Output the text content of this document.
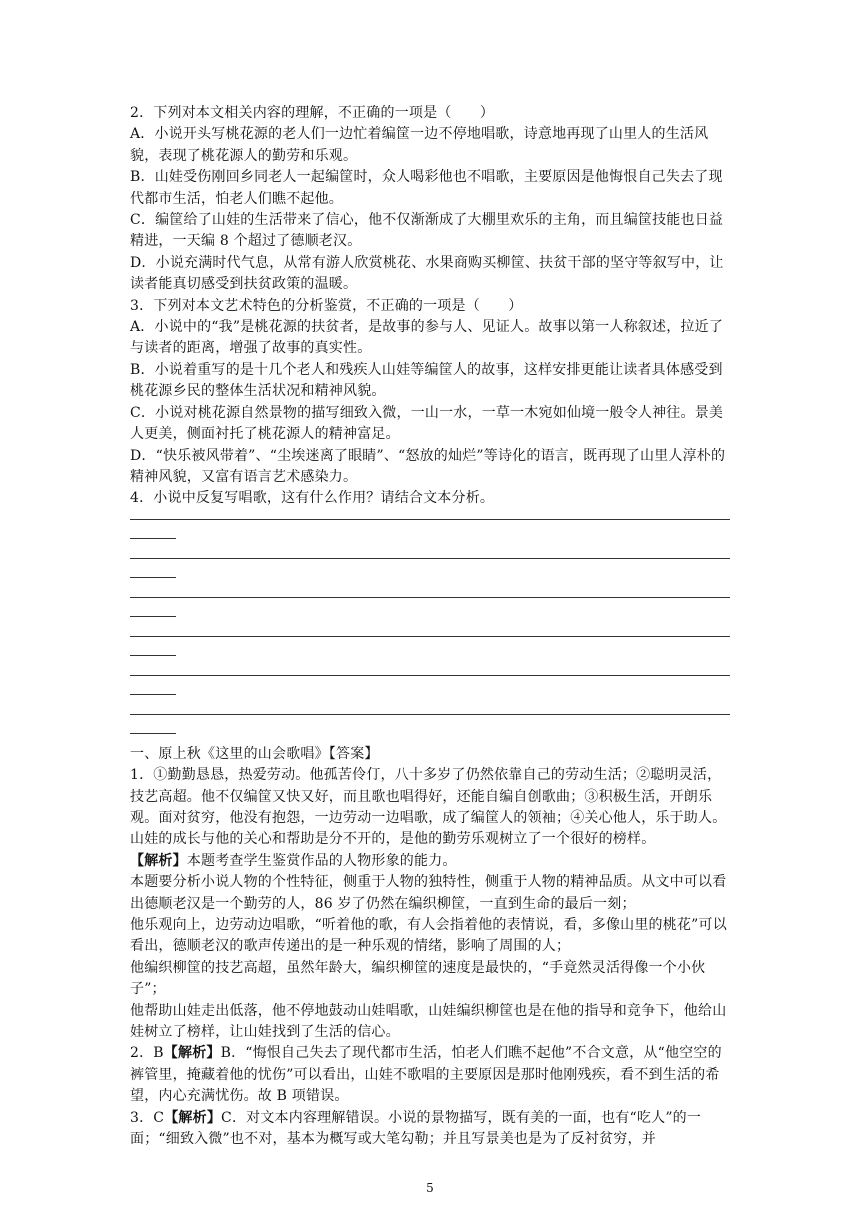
2．下列对本文相关内容的理解，不正确的一项是（　　）

A．小说开头写桃花源的老人们一边忙着编筐一边不停地唱歌，诗意地再现了山里人的生活风貌，表现了桃花源人的勤劳和乐观。

B．山娃受伤刚回乡同老人一起编筐时，众人喝彩他也不唱歌，主要原因是他悔恨自己失去了现代都市生活，怕老人们瞧不起他。

C．编筐给了山娃的生活带来了信心，他不仅渐渐成了大棚里欢乐的主角，而且编筐技能也日益精进，一天编 8 个超过了德顺老汉。

D．小说充满时代气息，从常有游人欣赏桃花、水果商购买柳筐、扶贫干部的坚守等叙写中，让读者能真切感受到扶贫政策的温暖。

3．下列对本文艺术特色的分析鉴赏，不正确的一项是（　　）

A．小说中的“我”是桃花源的扶贫者，是故事的参与人、见证人。故事以第一人称叙述，拉近了与读者的距离，增强了故事的真实性。

B．小说着重写的是十几个老人和残疾人山娃等编筐人的故事，这样安排更能让读者具体感受到桃花源乡民的整体生活状况和精神风貌。

C．小说对桃花源自然景物的描写细致入微，一山一水，一草一木宛如仙境一般令人神往。景美人更美，侧面衬托了桃花源人的精神富足。

D．“快乐被风带着”、“尘埃迷离了眼睛”、“怒放的灿烂”等诗化的语言，既再现了山里人淳朴的精神风貌，又富有语言艺术感染力。

4．小说中反复写唱歌，这有什么作用？请结合文本分析。

一、原上秋《这里的山会歌唱》【答案】

1．①勤勤恳恳，热爱劳动。他孤苦伶仃，八十多岁了仍然依靠自己的劳动生活；②聪明灵活，技艺高超。他不仅编筐又快又好，而且歌也唱得好，还能自编自创歌曲；③积极生活，开朗乐观。面对贫穷，他没有抱怨，一边劳动一边唱歌，成了编筐人的领袖；④关心他人，乐于助人。山娃的成长与他的关心和帮助是分不开的，是他的勤劳乐观树立了一个很好的榜样。

【解析】本题考查学生鉴赏作品的人物形象的能力。

本题要分析小说人物的个性特征，侧重于人物的独特性，侧重于人物的精神品质。从文中可以看出德顺老汉是一个勤劳的人，86 岁了仍然在编织柳筐，一直到生命的最后一刻；

他乐观向上，边劳动边唱歌，“听着他的歌，有人会指着他的表情说，看，多像山里的桃花”可以看出，德顺老汉的歌声传递出的是一种乐观的情绪，影响了周围的人；

他编织柳筐的技艺高超，虽然年龄大，编织柳筐的速度是最快的，“手竟然灵活得像一个小伙子”；

他帮助山娃走出低落，他不停地鼓动山娃唱歌，山娃编织柳筐也是在他的指导和竞争下，他给山娃树立了榜样，让山娃找到了生活的信心。

2．B【解析】B．“悔恨自己失去了现代都市生活，怕老人们瞧不起他”不合文意，从“他空空的裤管里，掩藏着他的忧伤”可以看出，山娃不歌唱的主要原因是那时他刚残疾，看不到生活的希望，内心充满忧伤。故 B 项错误。

3．C【解析】C．对文本内容理解错误。小说的景物描写，既有美的一面，也有“吃人”的一面；“细致入微”也不对，基本为概写或大笔勾勒；并且写景美也是为了反衬贫穷，并

5
